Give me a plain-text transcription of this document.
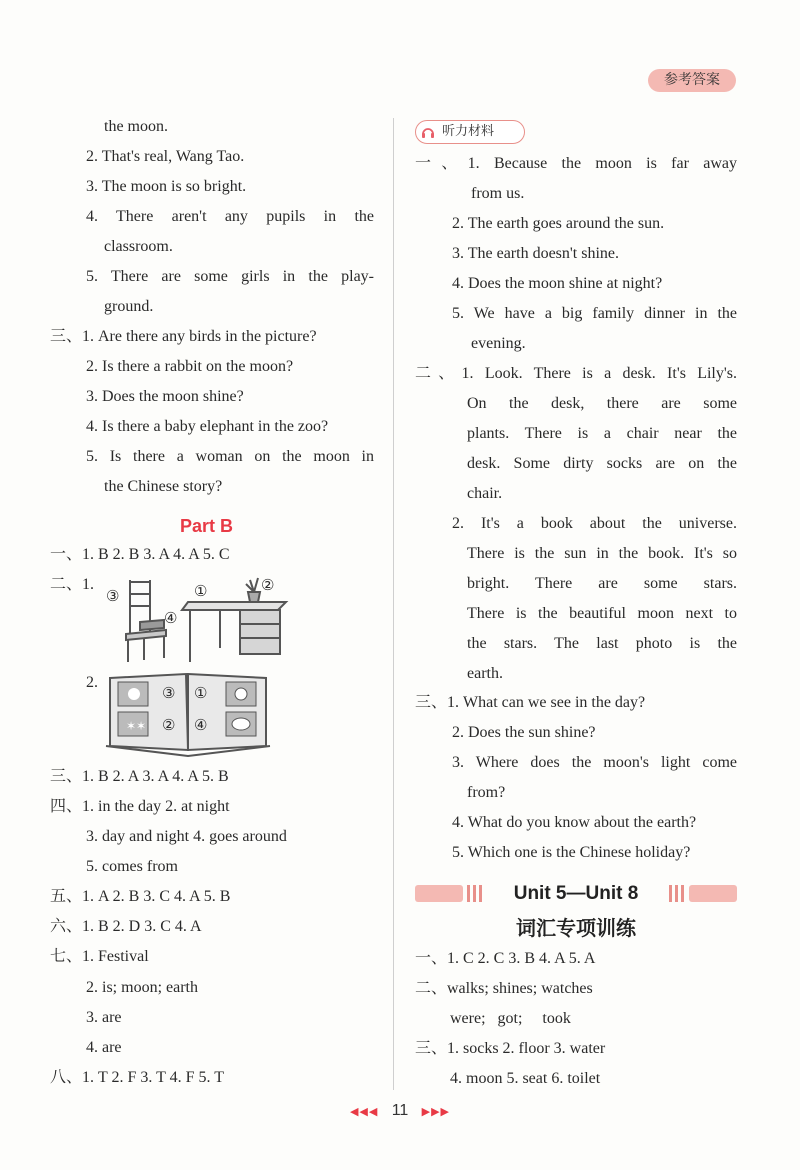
参考答案
the moon.
2. That's real, Wang Tao.
3. The moon is so bright.
4. There aren't any pupils in the
classroom.
5. There are some girls in the play-
ground.
三、1. Are there any birds in the picture?
2. Is there a rabbit on the moon?
3. Does the moon shine?
4. Is there a baby elephant in the zoo?
5. Is there a woman on the moon in
the Chinese story?
Part B
一、1. B 2. B 3. A 4. A 5. C
二、1.
③	①	②
④
2.
✶✶
③ ①
② ④
三、1. B 2. A 3. A 4. A 5. B
四、1. in the day 2. at night
3. day and night 4. goes around
5. comes from
五、1. A 2. B 3. C 4. A 5. B
六、1. B 2. D 3. C 4. A
七、1. Festival
2. is; moon; earth
3. are
4. are
八、1. T 2. F 3. T 4. F 5. T
听力材料
一、1. Because the moon is far away
from us.
2. The earth goes around the sun.
3. The earth doesn't shine.
4. Does the moon shine at night?
5. We have a big family dinner in the
evening.
二、1. Look. There is a desk. It's Lily's.
On the desk, there are some
plants. There is a chair near the
desk. Some dirty socks are on the
chair.
2. It's a book about the universe.
There is the sun in the book. It's so
bright. There are some stars.
There is the beautiful moon next to
the stars. The last photo is the
earth.
三、1. What can we see in the day?
2. Does the sun shine?
3. Where does the moon's light come
from?
4. What do you know about the earth?
5. Which one is the Chinese holiday?
Unit 5—Unit 8
词汇专项训练
一、1. C 2. C 3. B 4. A 5. A
二、walks; shines; watches
were;   got;     took
三、1. socks 2. floor 3. water
4. moon 5. seat 6. toilet
◀◀◀ 11 ▶▶▶
